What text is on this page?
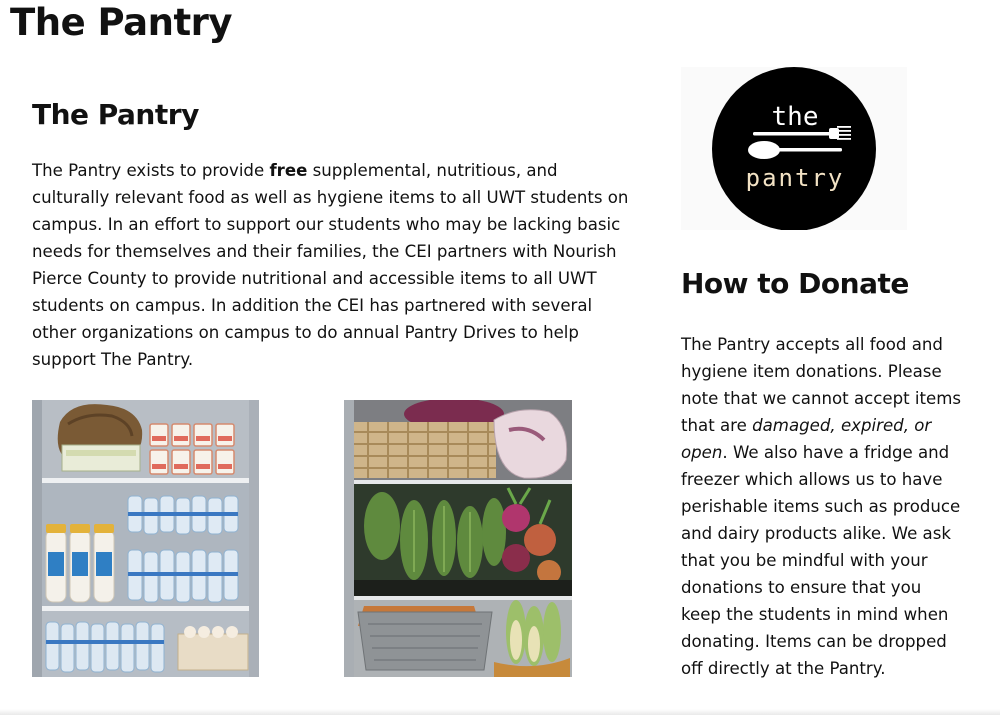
The Pantry
The Pantry

The Pantry exists to provide free supplemental, nutritious, and culturally relevant food as well as hygiene items to all UWT students on campus. In an effort to support our students who may be lacking basic needs for themselves and their families, the CEI partners with Nourish Pierce County to provide nutritional and accessible items to all UWT students on campus. In addition the CEI has partnered with several other organizations on campus to do annual Pantry Drives to help support The Pantry.

the
pantry
How to Donate

The Pantry accepts all food and hygiene item donations. Please note that we cannot accept items that are damaged, expired, or open. We also have a fridge and freezer which allows us to have perishable items such as produce and dairy products alike. We ask that you be mindful with your donations to ensure that you keep the students in mind when donating. Items can be dropped off directly at the Pantry.
